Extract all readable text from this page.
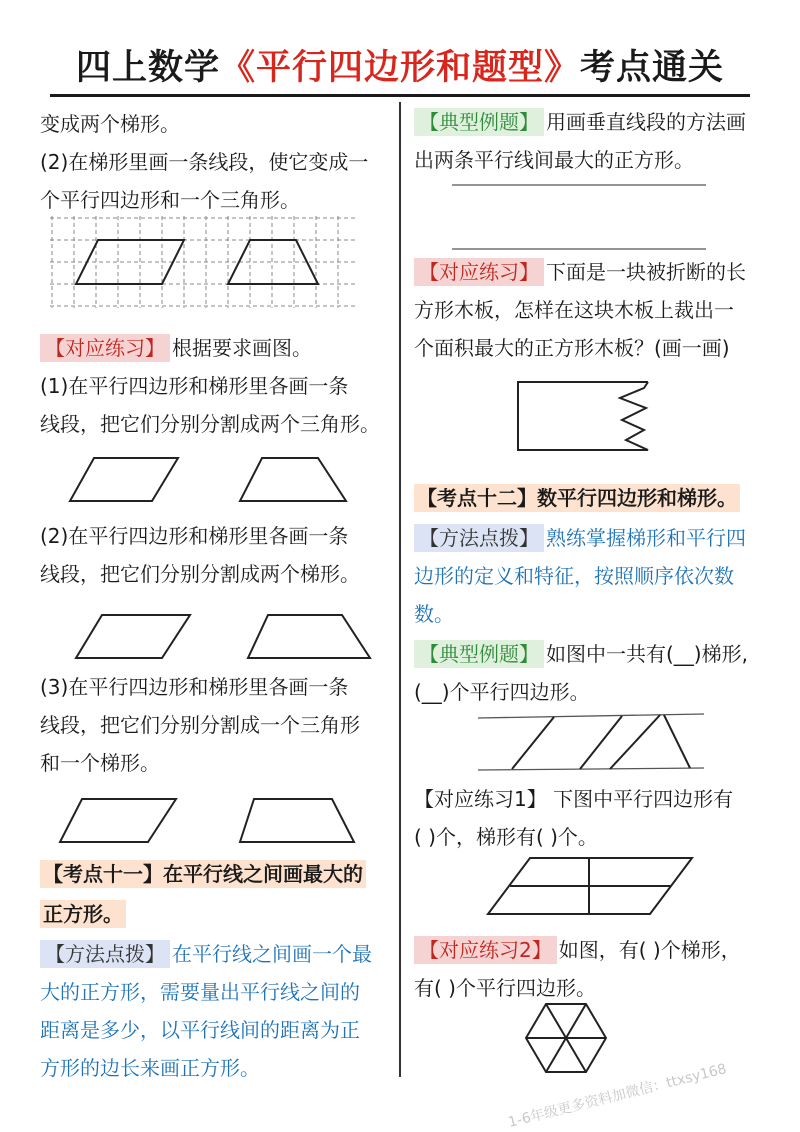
四上数学《平行四边形和题型》考点通关

变成两个梯形。

(2)在梯形里画一条线段，使它变成一

个平行四边形和一个三角形。

【对应练习】 根据要求画图。

(1)在平行四边形和梯形里各画一条

线段，把它们分别分割成两个三角形。

(2)在平行四边形和梯形里各画一条

线段，把它们分别分割成两个梯形。

(3)在平行四边形和梯形里各画一条

线段，把它们分别分割成一个三角形

和一个梯形。

【考点十一】在平行线之间画最大的

正方形。

【方法点拨】 在平行线之间画一个最

大的正方形，需要量出平行线之间的

距离是多少，以平行线间的距离为正

方形的边长来画正方形。

【典型例题】 用画垂直线段的方法画

出两条平行线间最大的正方形。

【对应练习】 下面是一块被折断的长

方形木板，怎样在这块木板上裁出一

个面积最大的正方形木板？(画一画)

【考点十二】数平行四边形和梯形。

【方法点拨】 熟练掌握梯形和平行四

边形的定义和特征，按照顺序依次数

数。

【典型例题】 如图中一共有(__)梯形,

(__)个平行四边形。

【对应练习1】 下图中平行四边形有

( )个，梯形有( )个。

【对应练习2】 如图，有( )个梯形，

有( )个平行四边形。

1-6年级更多资料加微信：ttxsy168
